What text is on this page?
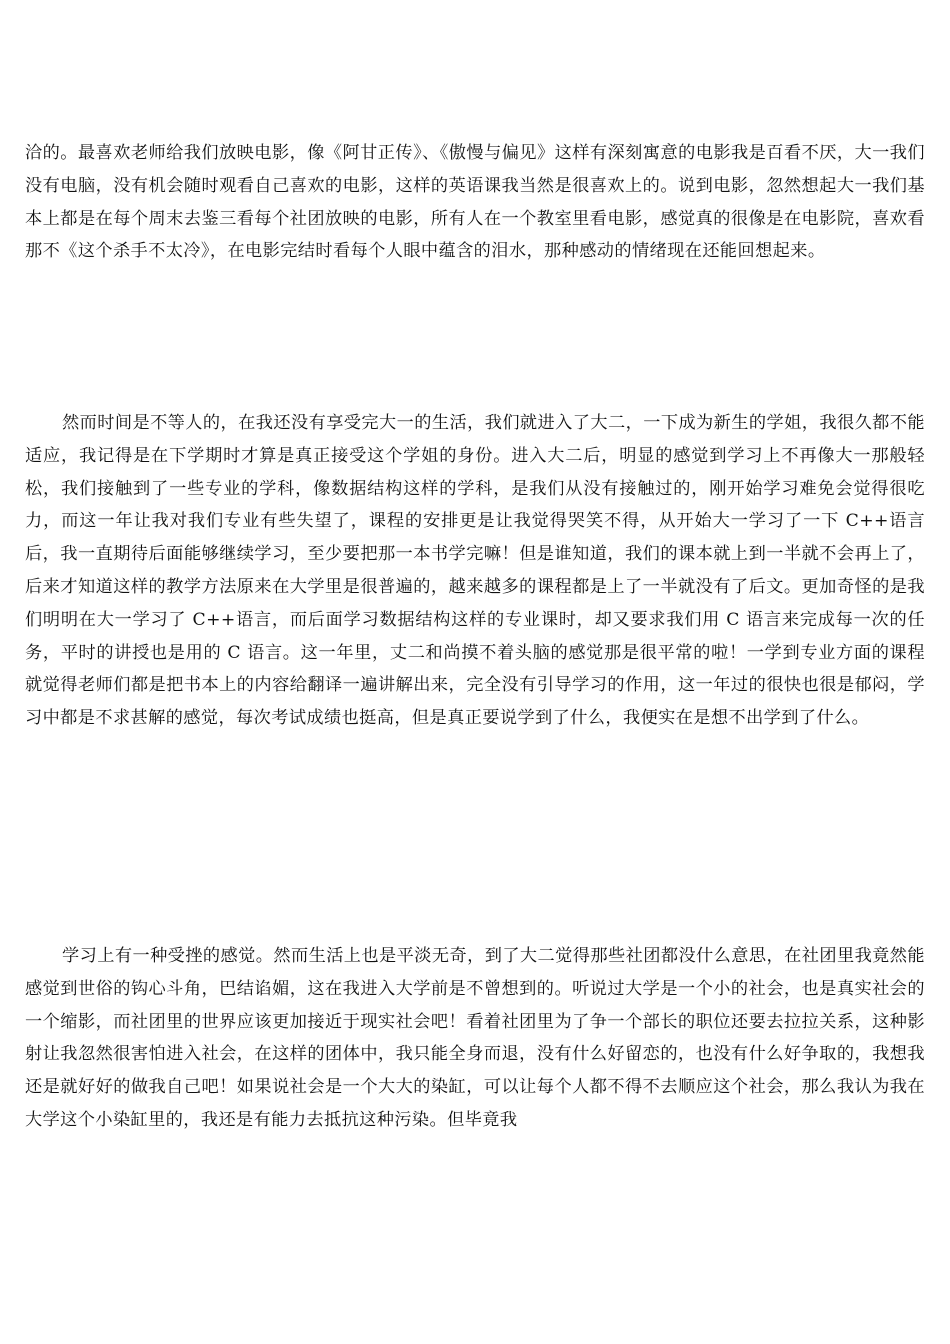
洽的。最喜欢老师给我们放映电影，像《阿甘正传》、《傲慢与偏见》这样有深刻寓意的电影我是百看不厌，大一我们没有电脑，没有机会随时观看自己喜欢的电影，这样的英语课我当然是很喜欢上的。说到电影，忽然想起大一我们基本上都是在每个周末去鉴三看每个社团放映的电影，所有人在一个教室里看电影，感觉真的很像是在电影院，喜欢看那不《这个杀手不太冷》，在电影完结时看每个人眼中蕴含的泪水，那种感动的情绪现在还能回想起来。

然而时间是不等人的，在我还没有享受完大一的生活，我们就进入了大二，一下成为新生的学姐，我很久都不能适应，我记得是在下学期时才算是真正接受这个学姐的身份。进入大二后，明显的感觉到学习上不再像大一那般轻松，我们接触到了一些专业的学科，像数据结构这样的学科，是我们从没有接触过的，刚开始学习难免会觉得很吃力，而这一年让我对我们专业有些失望了，课程的安排更是让我觉得哭笑不得，从开始大一学习了一下 C++语言后，我一直期待后面能够继续学习，至少要把那一本书学完嘛！但是谁知道，我们的课本就上到一半就不会再上了，后来才知道这样的教学方法原来在大学里是很普遍的，越来越多的课程都是上了一半就没有了后文。更加奇怪的是我们明明在大一学习了 C++语言，而后面学习数据结构这样的专业课时，却又要求我们用 C 语言来完成每一次的任务，平时的讲授也是用的 C 语言。这一年里，丈二和尚摸不着头脑的感觉那是很平常的啦！一学到专业方面的课程就觉得老师们都是把书本上的内容给翻译一遍讲解出来，完全没有引导学习的作用，这一年过的很快也很是郁闷，学习中都是不求甚解的感觉，每次考试成绩也挺高，但是真正要说学到了什么，我便实在是想不出学到了什么。

学习上有一种受挫的感觉。然而生活上也是平淡无奇，到了大二觉得那些社团都没什么意思，在社团里我竟然能感觉到世俗的钩心斗角，巴结谄媚，这在我进入大学前是不曾想到的。听说过大学是一个小的社会，也是真实社会的一个缩影，而社团里的世界应该更加接近于现实社会吧！看着社团里为了争一个部长的职位还要去拉拉关系，这种影射让我忽然很害怕进入社会，在这样的团体中，我只能全身而退，没有什么好留恋的，也没有什么好争取的，我想我还是就好好的做我自己吧！如果说社会是一个大大的染缸，可以让每个人都不得不去顺应这个社会，那么我认为我在大学这个小染缸里的，我还是有能力去抵抗这种污染。但毕竟我
